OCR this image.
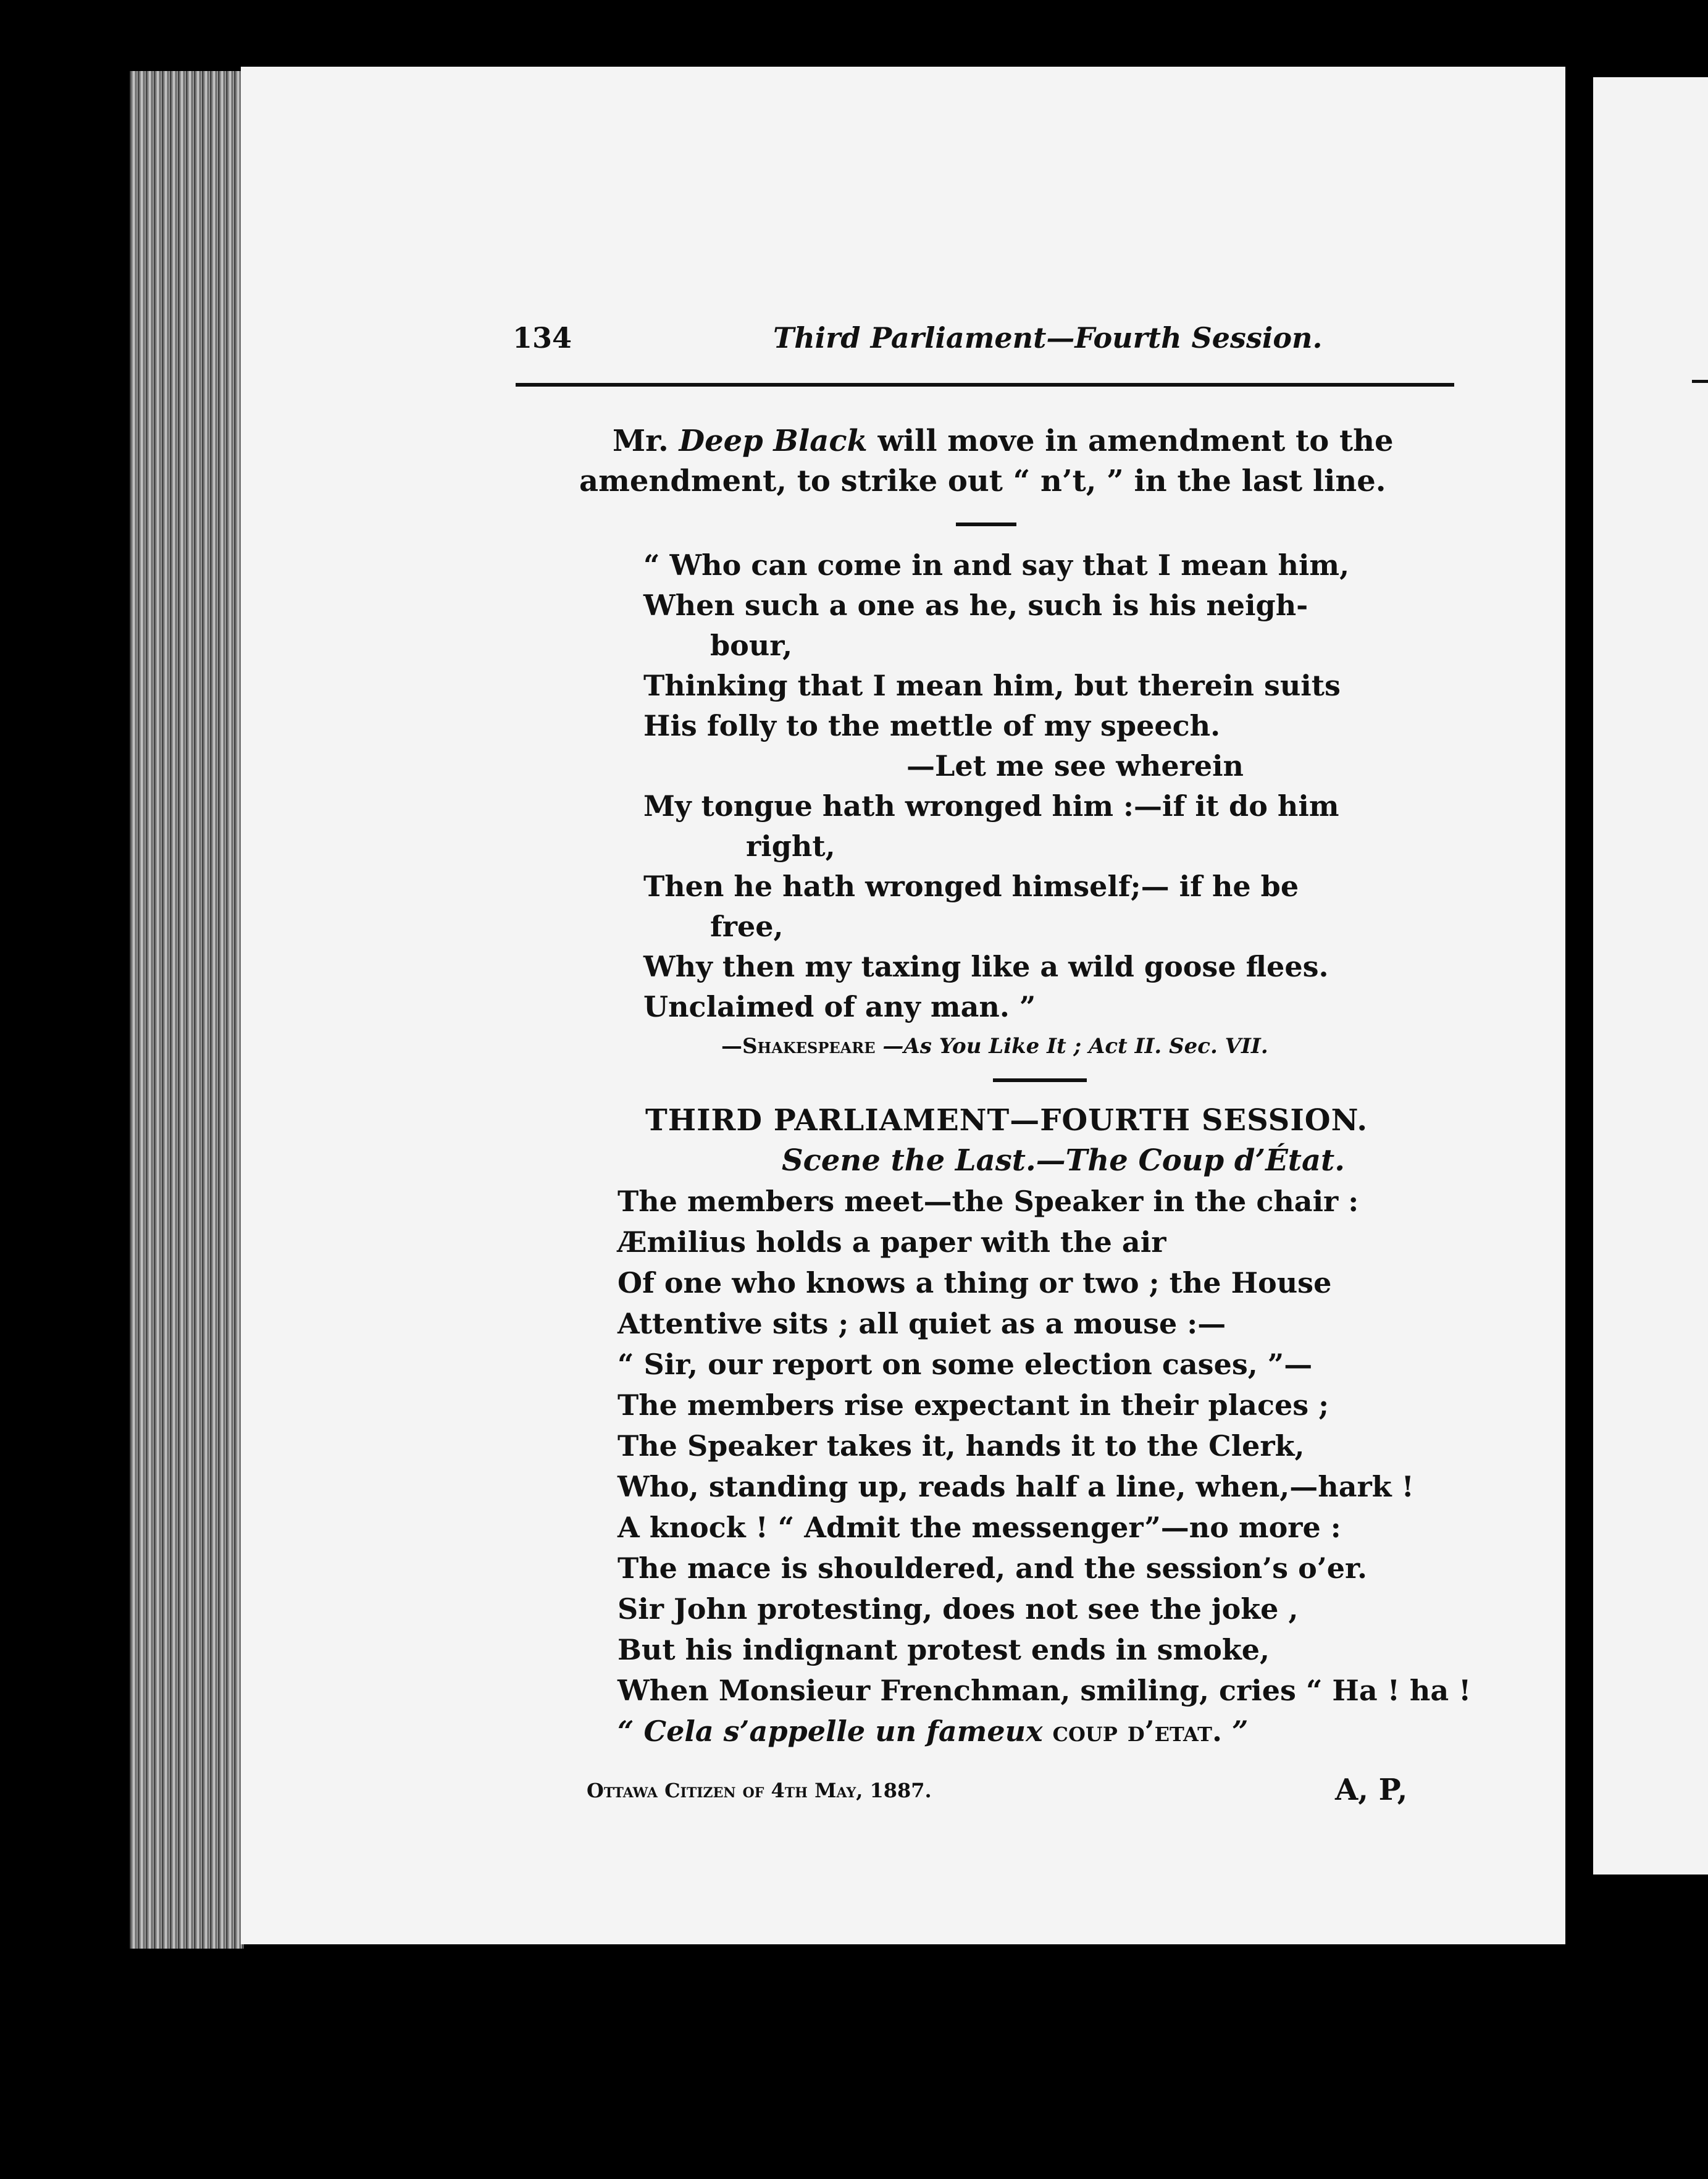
134	Third Parliament—Fourth Session.
Mr. Deep Black will move in amendment to the
amendment, to strike out “ n’t, ” in the last line.
“ Who can come in and say that I mean him,
When such a one as he, such is his neigh-
bour,
Thinking that I mean him, but therein suits
His folly to the mettle of my speech.
—Let me see wherein
My tongue hath wronged him :—if it do him
right,
Then he hath wronged himself;— if he be
free,
Why then my taxing like a wild goose flees.
Unclaimed of any man. ”
—Shakespeare —As You Like It ; Act II. Sec. VII.
THIRD PARLIAMENT—FOURTH SESSION.
Scene the Last.—The Coup d’État.
The members meet—the Speaker in the chair :
Æmilius holds a paper with the air
Of one who knows a thing or two ; the House
Attentive sits ; all quiet as a mouse :—
“ Sir, our report on some election cases, ”—
The members rise expectant in their places ;
The Speaker takes it, hands it to the Clerk,
Who, standing up, reads half a line, when,—hark !
A knock ! “ Admit the messenger”—no more :
The mace is shouldered, and the session’s o’er.
Sir John protesting, does not see the joke ,
But his indignant protest ends in smoke,
When Monsieur Frenchman, smiling, cries “ Ha ! ha !
“ Cela s’appelle un fameux coup d’etat. ”
Ottawa Citizen of 4th May, 1887.	A, P,
